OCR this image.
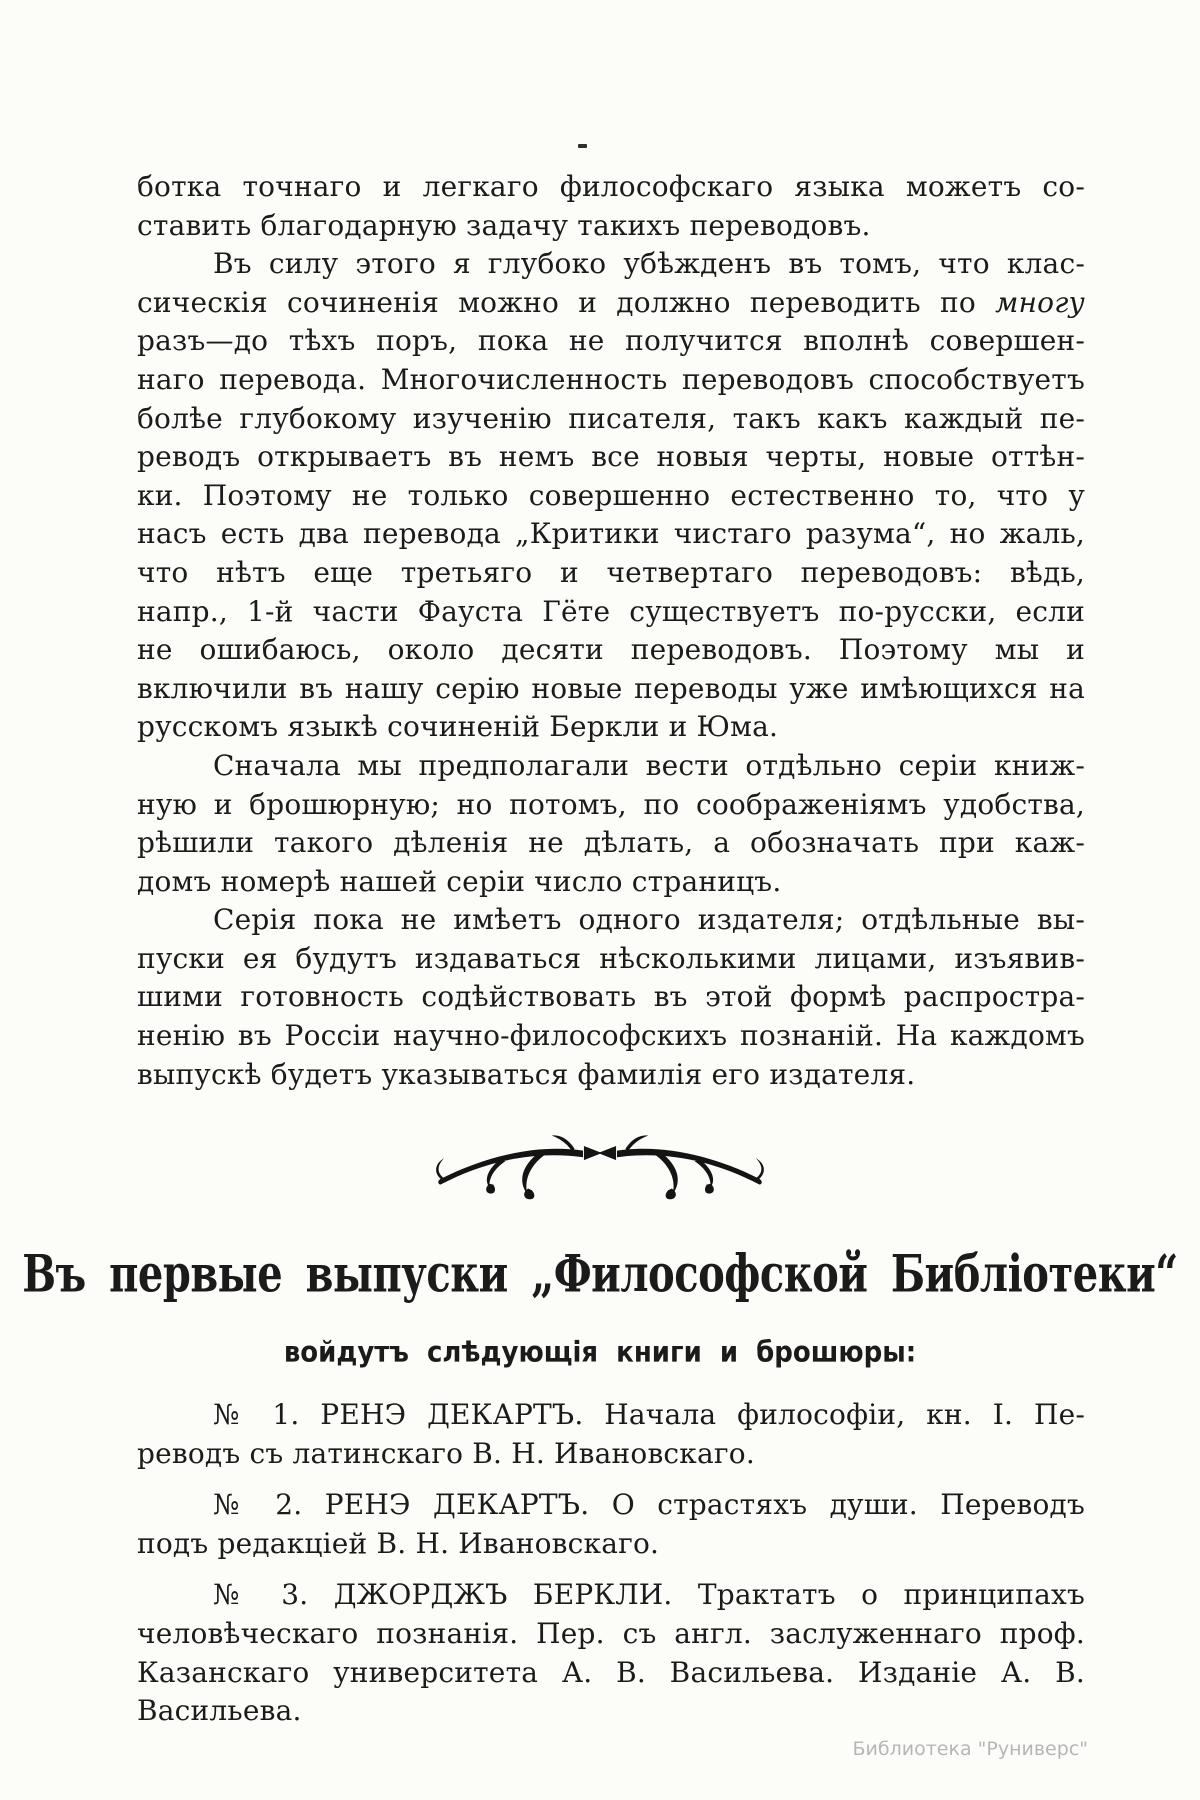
ботка точнаго и легкаго философскаго языка можетъ со-
ставить благодарную задачу такихъ переводовъ.
Въ силу этого я глубоко убѣжденъ въ томъ, что клас-
сическія сочиненія можно и должно переводить по многу
разъ—до тѣхъ поръ, пока не получится вполнѣ совершен-
наго перевода. Многочисленность переводовъ способствуетъ
болѣе глубокому изученію писателя, такъ какъ каждый пе-
реводъ открываетъ въ немъ все новыя черты, новые оттѣн-
ки. Поэтому не только совершенно естественно то, что у
насъ есть два перевода „Критики чистаго разума“, но жаль,
что нѣтъ еще третьяго и четвертаго переводовъ: вѣдь,
напр., 1-й части Фауста Гёте существуетъ по-русски, если
не ошибаюсь, около десяти переводовъ. Поэтому мы и
включили въ нашу серію новые переводы уже имѣющихся на
русскомъ языкѣ сочиненій Беркли и Юма.
Сначала мы предполагали вести отдѣльно серіи книж-
ную и брошюрную; но потомъ, по соображеніямъ удобства,
рѣшили такого дѣленія не дѣлать, а обозначать при каж-
домъ номерѣ нашей серіи число страницъ.
Серія пока не имѣетъ одного издателя; отдѣльные вы-
пуски ея будутъ издаваться нѣсколькими лицами, изъявив-
шими готовность содѣйствовать въ этой формѣ распростра-
ненію въ Россіи научно-философскихъ познаній. На каждомъ
выпускѣ будетъ указываться фамилія его издателя.
Въ первые выпуски „Философской Библіотеки“
войдутъ слѣдующія книги и брошюры:
№ 1. РЕНЭ ДЕКАРТЪ. Начала философіи, кн. I. Пе-
реводъ съ латинскаго В. Н. Ивановскаго.
№ 2. РЕНЭ ДЕКАРТЪ. О страстяхъ души. Переводъ
подъ редакціей В. Н. Ивановскаго.
№ 3. ДЖОРДЖЪ БЕРКЛИ. Трактатъ о принципахъ
человѣческаго познанія. Пер. съ англ. заслуженнаго проф.
Казанскаго университета А. В. Васильева. Изданіе А. В.
Васильева.
Библиотека "Руниверс"
